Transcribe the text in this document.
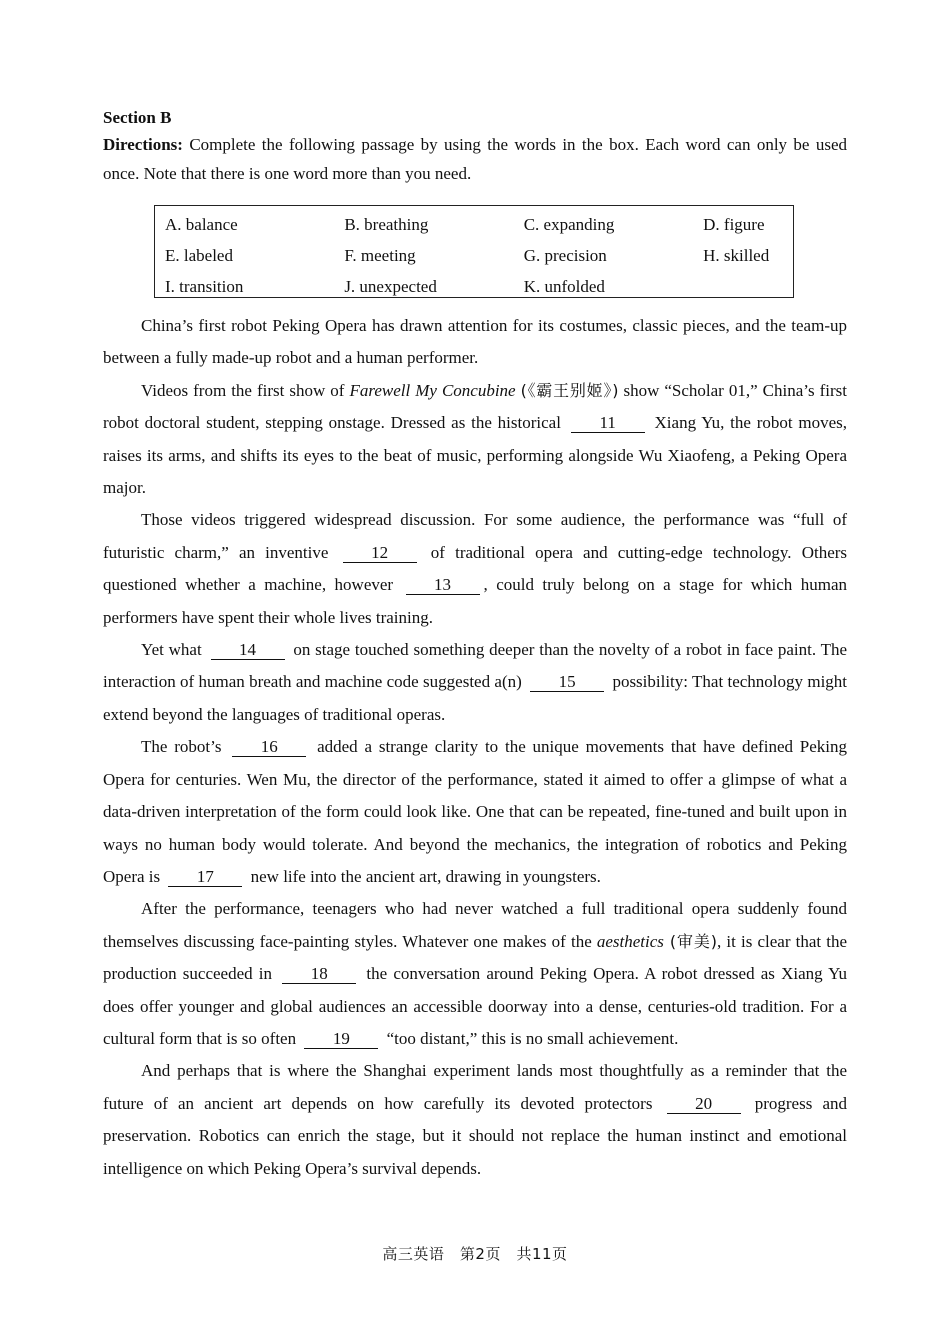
Section B

Directions: Complete the following passage by using the words in the box. Each word can only be used once. Note that there is one word more than you need.

A. balance	B. breathing	C. expanding	D. figure
E. labeled	F. meeting	G. precision	H. skilled
I. transition	J. unexpected	K. unfolded	

China’s first robot Peking Opera has drawn attention for its costumes, classic pieces, and the team-up between a fully made-up robot and a human performer.

Videos from the first show of Farewell My Concubine (《霸王别姬》) show “Scholar 01,” China’s first robot doctoral student, stepping onstage. Dressed as the historical 11 Xiang Yu, the robot moves, raises its arms, and shifts its eyes to the beat of music, performing alongside Wu Xiaofeng, a Peking Opera major.

Those videos triggered widespread discussion. For some audience, the performance was “full of futuristic charm,” an inventive	12	of traditional opera and cutting-edge technology. Others questioned whether a machine, however 13 , could truly belong on a stage for which human performers have spent their whole lives training.

Yet what 14 on stage touched something deeper than the novelty of a robot in face paint. The interaction of human breath and machine code suggested a(n) 15 possibility: That technology might extend beyond the languages of traditional operas.

The robot’s 16 added a strange clarity to the unique movements that have defined Peking Opera for centuries. Wen Mu, the director of the performance, stated it aimed to offer a glimpse of what a data-driven interpretation of the form could look like. One that can be repeated, fine-tuned and built upon in ways no human body would tolerate. And beyond the mechanics, the integration of robotics and Peking Opera is 17 new life into the ancient art, drawing in youngsters.

After the performance, teenagers who had never watched a full traditional opera suddenly found themselves discussing face-painting styles. Whatever one makes of the aesthetics (审美), it is clear that the production succeeded in 18 the conversation around Peking Opera. A robot dressed as Xiang Yu does offer younger and global audiences an accessible doorway into a dense, centuries-old tradition. For a cultural form that is so often 19 “too distant,” this is no small achievement.

And perhaps that is where the Shanghai experiment lands most thoughtfully as a reminder that the future of an ancient art depends on how carefully its devoted protectors	20	progress and preservation. Robotics can enrich the stage, but it should not replace the human instinct and emotional intelligence on which Peking Opera’s survival depends.

高三英语　第2页　共11页
